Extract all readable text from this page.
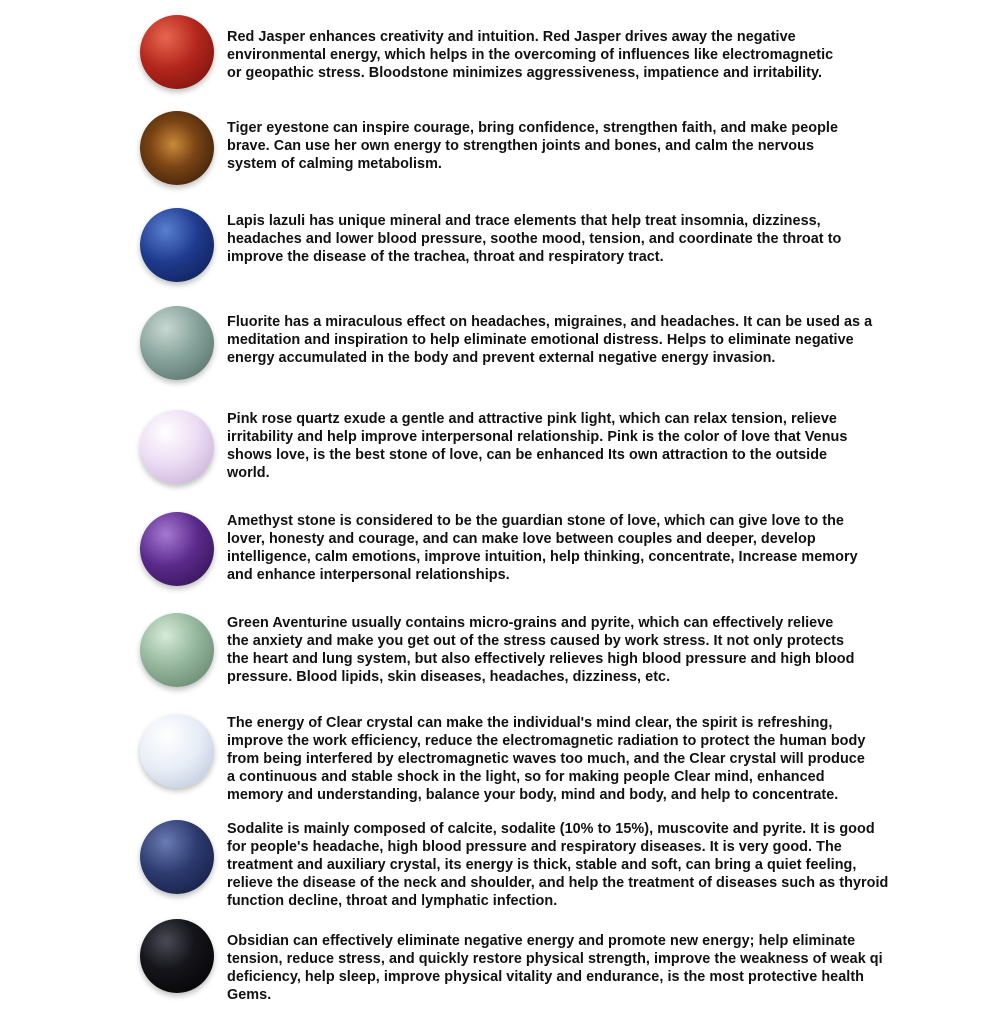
Red Jasper enhances creativity and intuition. Red Jasper drives away the negative
environmental energy, which helps in the overcoming of influences like electromagnetic
or geopathic stress. Bloodstone minimizes aggressiveness, impatience and irritability.

Tiger eyestone can inspire courage, bring confidence, strengthen faith, and make people
brave. Can use her own energy to strengthen joints and bones, and calm the nervous
system of calming metabolism.

Lapis lazuli has unique mineral and trace elements that help treat insomnia, dizziness,
headaches and lower blood pressure, soothe mood, tension, and coordinate the throat to
improve the disease of the trachea, throat and respiratory tract.

Fluorite has a miraculous effect on headaches, migraines, and headaches. It can be used as a
meditation and inspiration to help eliminate emotional distress. Helps to eliminate negative
energy accumulated in the body and prevent external negative energy invasion.

Pink rose quartz exude a gentle and attractive pink light, which can relax tension, relieve
irritability and help improve interpersonal relationship. Pink is the color of love that Venus
shows love, is the best stone of love, can be enhanced Its own attraction to the outside
world.

Amethyst stone is considered to be the guardian stone of love, which can give love to the
lover, honesty and courage, and can make love between couples and deeper, develop
intelligence, calm emotions, improve intuition, help thinking, concentrate, Increase memory
and enhance interpersonal relationships.

Green Aventurine usually contains micro-grains and pyrite, which can effectively relieve
the anxiety and make you get out of the stress caused by work stress. It not only protects
the heart and lung system, but also effectively relieves high blood pressure and high blood
pressure. Blood lipids, skin diseases, headaches, dizziness, etc.

The energy of Clear crystal can make the individual's mind clear, the spirit is refreshing,
improve the work efficiency, reduce the electromagnetic radiation to protect the human body
from being interfered by electromagnetic waves too much, and the Clear crystal will produce
a continuous and stable shock in the light, so for making people Clear mind, enhanced
memory and understanding, balance your body, mind and body, and help to concentrate.

Sodalite is mainly composed of calcite, sodalite (10% to 15%), muscovite and pyrite. It is good
for people's headache, high blood pressure and respiratory diseases. It is very good. The
treatment and auxiliary crystal, its energy is thick, stable and soft, can bring a quiet feeling,
relieve the disease of the neck and shoulder, and help the treatment of diseases such as thyroid
function decline, throat and lymphatic infection.

Obsidian can effectively eliminate negative energy and promote new energy; help eliminate
tension, reduce stress, and quickly restore physical strength, improve the weakness of weak qi
deficiency, help sleep, improve physical vitality and endurance, is the most protective health
Gems.
